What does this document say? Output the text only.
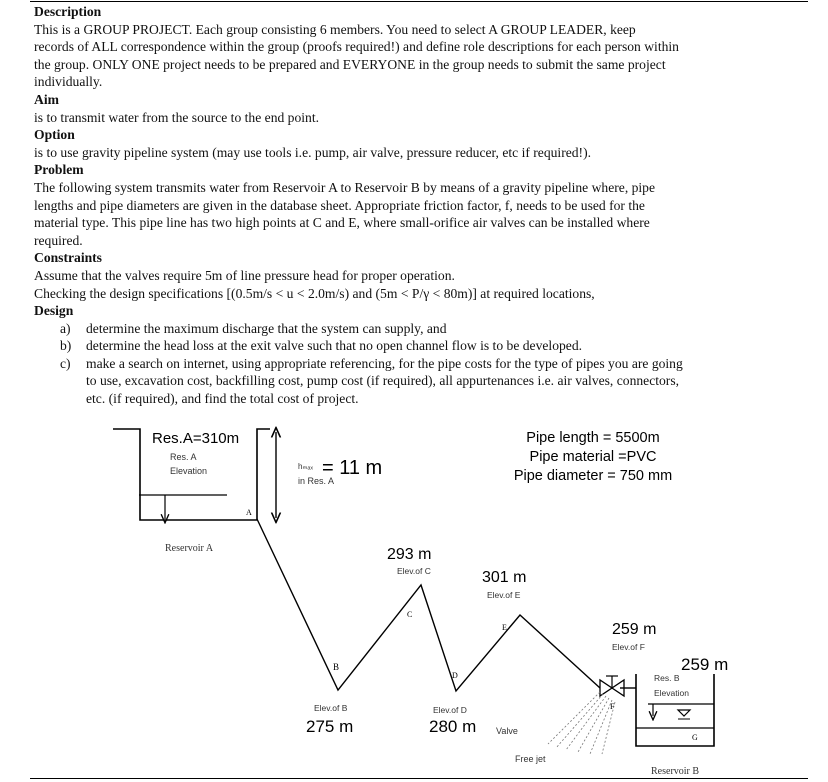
Description

This is a GROUP PROJECT. Each group consisting 6 members. You need to select A GROUP LEADER, keep

records of ALL correspondence within the group (proofs required!) and define role descriptions for each person within

the group. ONLY ONE project needs to be prepared and EVERYONE in the group needs to submit the same project

individually.

Aim

is to transmit water from the source to the end point.

Option

is to use gravity pipeline system (may use tools i.e. pump, air valve, pressure reducer, etc if required!).

Problem

The following system transmits water from Reservoir A to Reservoir B by means of a gravity pipeline where, pipe

lengths and pipe diameters are given in the database sheet. Appropriate friction factor, f, needs to be used for the

material type. This pipe line has two high points at C and E, where small-orifice air valves can be installed where

required.

Constraints

Assume that the valves require 5m of line pressure head for proper operation.

Checking the design specifications [(0.5m/s < u < 2.0m/s) and (5m < P/γ < 80m)] at required locations,

Design

a)	determine the maximum discharge that the system can supply, and
b)	determine the head loss at the exit valve such that no open channel flow is to be developed.
c)	make a search on internet, using appropriate referencing, for the pipe costs for the type of pipes you are going
to use, excavation cost, backfilling cost, pump cost (if required), all appurtenances i.e. air valves, connectors,
etc. (if required), and find the total cost of project.
Res.A=310m
Res. A
Elevation	hₘₐₓ = 11 m
in Res. A
Pipe length = 5500m
Pipe material =PVC
Pipe diameter = 750 mm
Reservoir A
A
B
C
D
E
F
G
293 m
Elev.of C	301 m
Elev.of E
259 m
Elev.of F
Elev.of B
275 m
Elev.of D
280 m Valve
Free jet
259 m
Res. B
Elevation
Reservoir B
